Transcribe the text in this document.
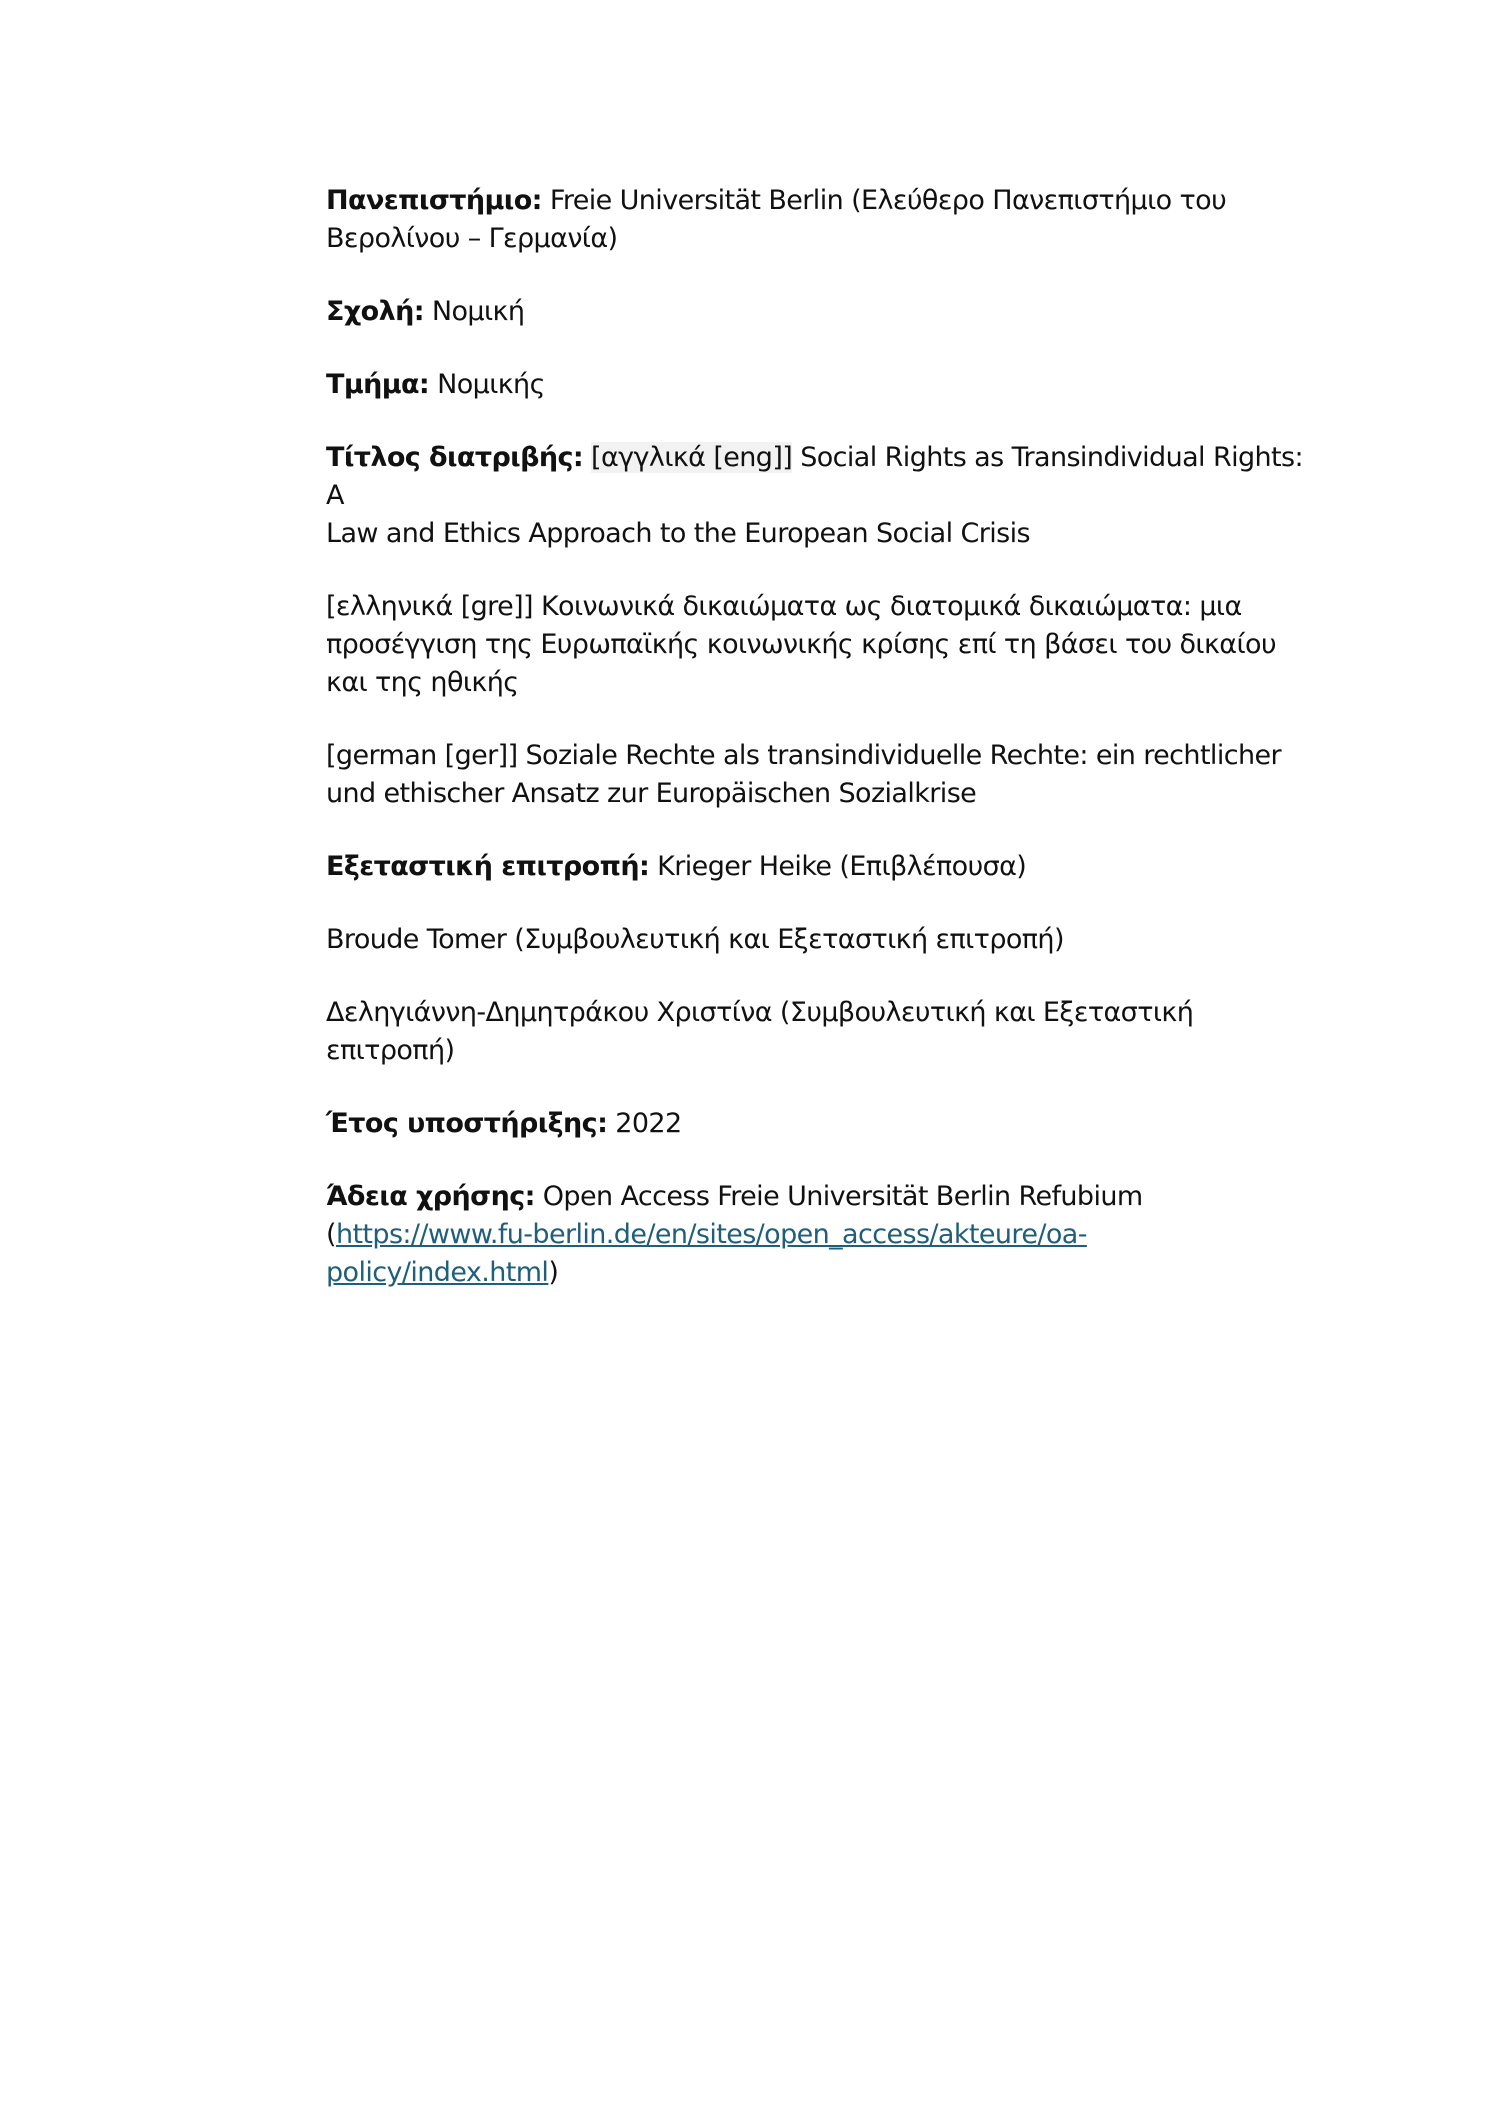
Πανεπιστήμιο: Freie Universität Berlin (Ελεύθερο Πανεπιστήμιο του
Βερολίνου – Γερμανία)

Σχολή: Νομική

Τμήμα: Νομικής

Τίτλος διατριβής: [αγγλικά [eng]] Social Rights as Transindividual Rights: A
Law and Ethics Approach to the European Social Crisis

[ελληνικά [gre]] Κοινωνικά δικαιώματα ως διατομικά δικαιώματα: μια
προσέγγιση της Ευρωπαϊκής κοινωνικής κρίσης επί τη βάσει του δικαίου
και της ηθικής

[german [ger]] Soziale Rechte als transindividuelle Rechte: ein rechtlicher
und ethischer Ansatz zur Europäischen Sozialkrise

Εξεταστική επιτροπή: Krieger Heike (Επιβλέπουσα)

Broude Tomer (Συμβουλευτική και Εξεταστική επιτροπή)

Δεληγιάννη-Δημητράκου Χριστίνα (Συμβουλευτική και Εξεταστική επιτροπή)

Έτος υποστήριξης: 2022

Άδεια χρήσης: Open Access Freie Universität Berlin Refubium
(https://www.fu-berlin.de/en/sites/open_access/akteure/oa-
policy/index.html)
